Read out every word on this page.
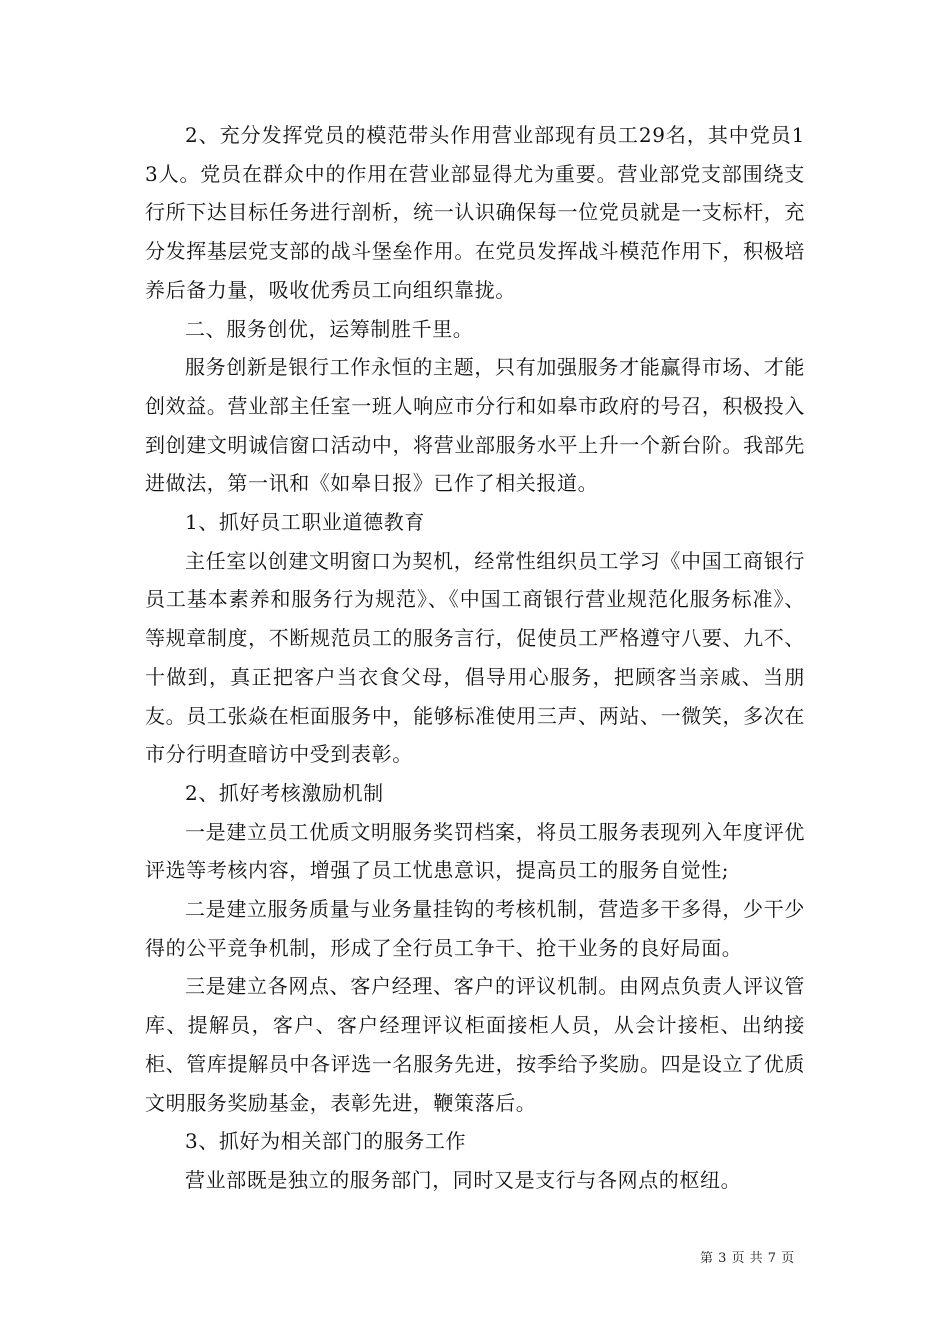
2、充分发挥党员的模范带头作用营业部现有员工29名，其中党员13人。党员在群众中的作用在营业部显得尤为重要。营业部党支部围绕支行所下达目标任务进行剖析，统一认识确保每一位党员就是一支标杆，充分发挥基层党支部的战斗堡垒作用。在党员发挥战斗模范作用下，积极培养后备力量，吸收优秀员工向组织靠拢。

二、服务创优，运筹制胜千里。

服务创新是银行工作永恒的主题，只有加强服务才能赢得市场、才能创效益。营业部主任室一班人响应市分行和如皋市政府的号召，积极投入到创建文明诚信窗口活动中，将营业部服务水平上升一个新台阶。我部先进做法，第一讯和《如皋日报》已作了相关报道。

1、抓好员工职业道德教育

主任室以创建文明窗口为契机，经常性组织员工学习《中国工商银行员工基本素养和服务行为规范》、《中国工商银行营业规范化服务标准》、等规章制度，不断规范员工的服务言行，促使员工严格遵守八要、九不、十做到，真正把客户当衣食父母，倡导用心服务，把顾客当亲戚、当朋友。员工张焱在柜面服务中，能够标准使用三声、两站、一微笑，多次在市分行明查暗访中受到表彰。

2、抓好考核激励机制

一是建立员工优质文明服务奖罚档案，将员工服务表现列入年度评优评选等考核内容，增强了员工忧患意识，提高员工的服务自觉性;

二是建立服务质量与业务量挂钩的考核机制，营造多干多得，少干少得的公平竞争机制，形成了全行员工争干、抢干业务的良好局面。

三是建立各网点、客户经理、客户的评议机制。由网点负责人评议管库、提解员，客户、客户经理评议柜面接柜人员，从会计接柜、出纳接柜、管库提解员中各评选一名服务先进，按季给予奖励。四是设立了优质文明服务奖励基金，表彰先进，鞭策落后。

3、抓好为相关部门的服务工作

营业部既是独立的服务部门，同时又是支行与各网点的枢纽。

第 3 页 共 7 页
